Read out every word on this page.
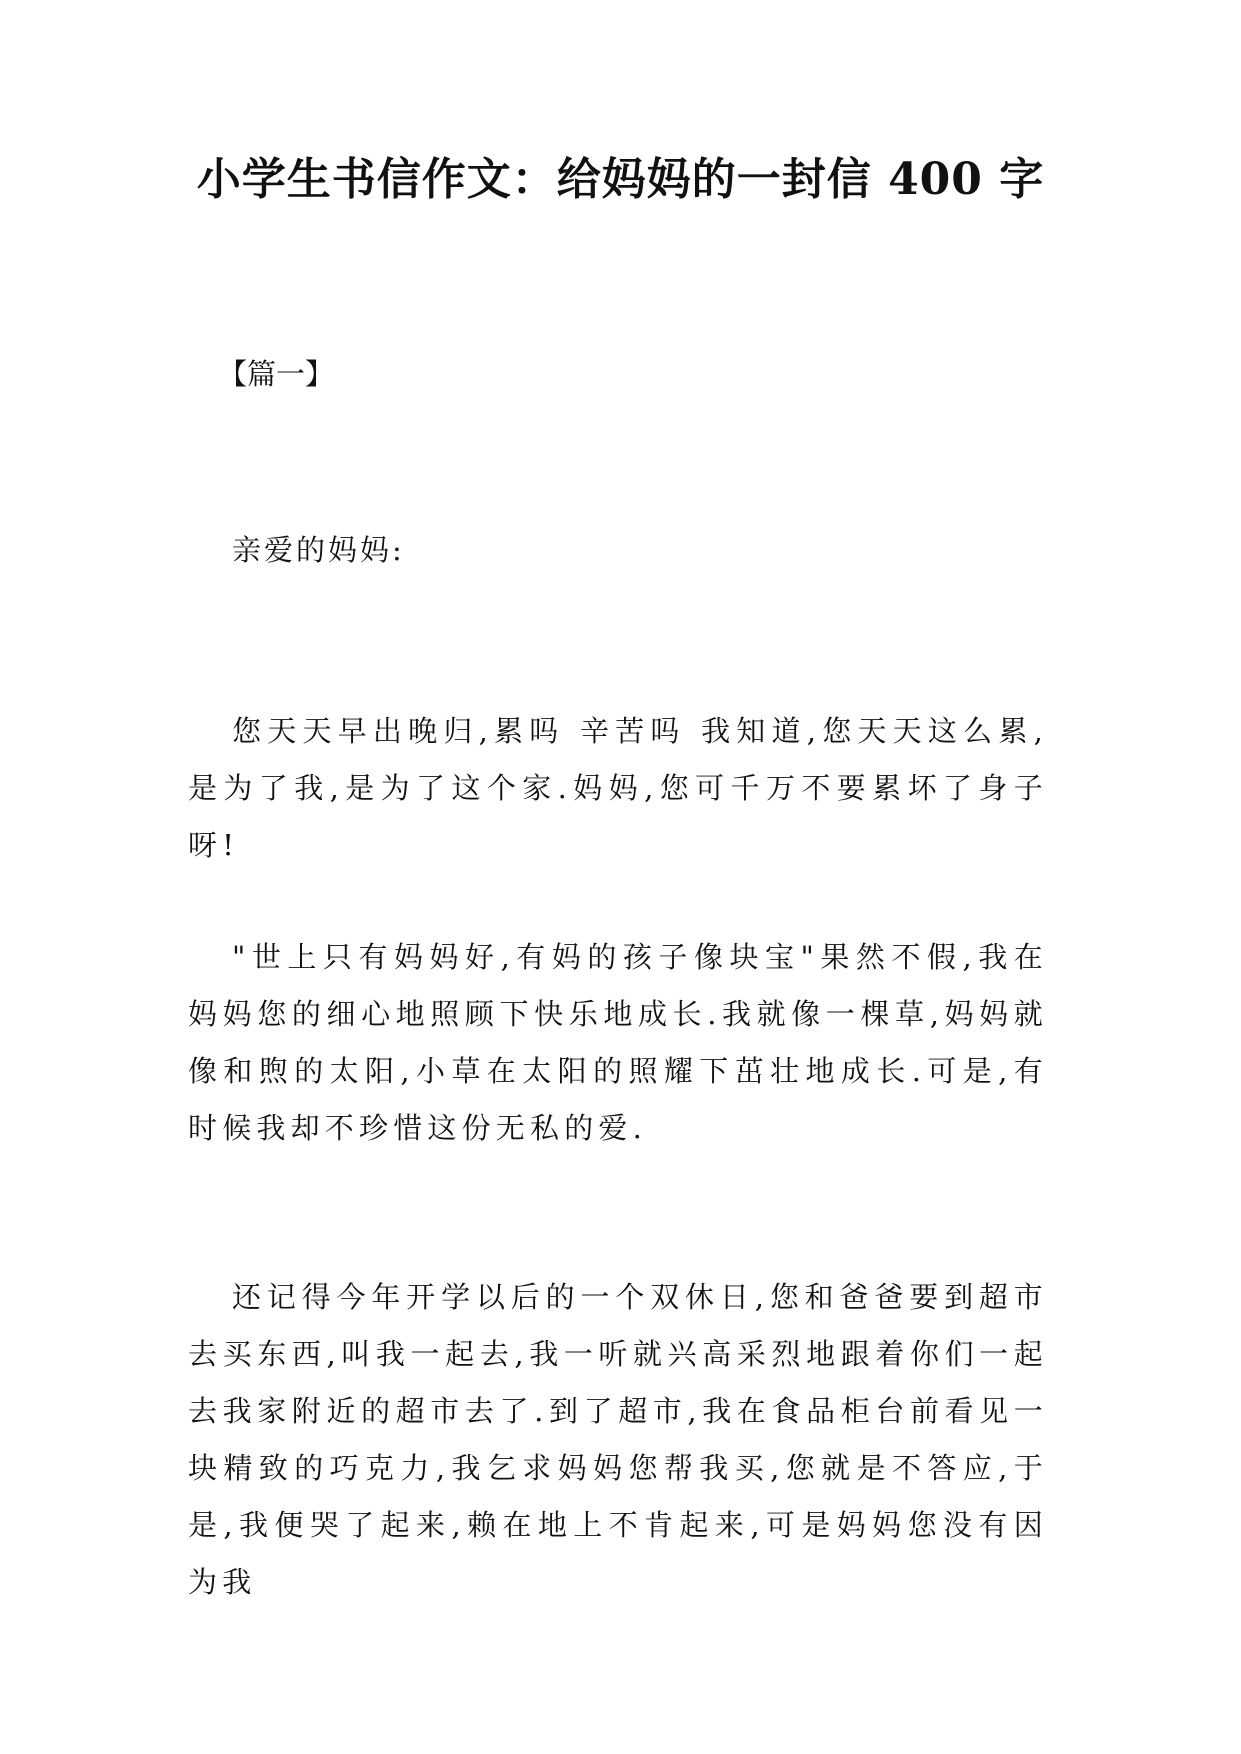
小学生书信作文：给妈妈的一封信 400 字

【篇一】

亲爱的妈妈:

您天天早出晚归,累吗 辛苦吗 我知道,您天天这么累,是为了我,是为了这个家.妈妈,您可千万不要累坏了身子呀!

"世上只有妈妈好,有妈的孩子像块宝"果然不假,我在妈妈您的细心地照顾下快乐地成长.我就像一棵草,妈妈就像和煦的太阳,小草在太阳的照耀下茁壮地成长.可是,有时候我却不珍惜这份无私的爱.

还记得今年开学以后的一个双休日,您和爸爸要到超市去买东西,叫我一起去,我一听就兴高采烈地跟着你们一起去我家附近的超市去了.到了超市,我在食品柜台前看见一块精致的巧克力,我乞求妈妈您帮我买,您就是不答应,于是,我便哭了起来,赖在地上不肯起来,可是妈妈您没有因为我
